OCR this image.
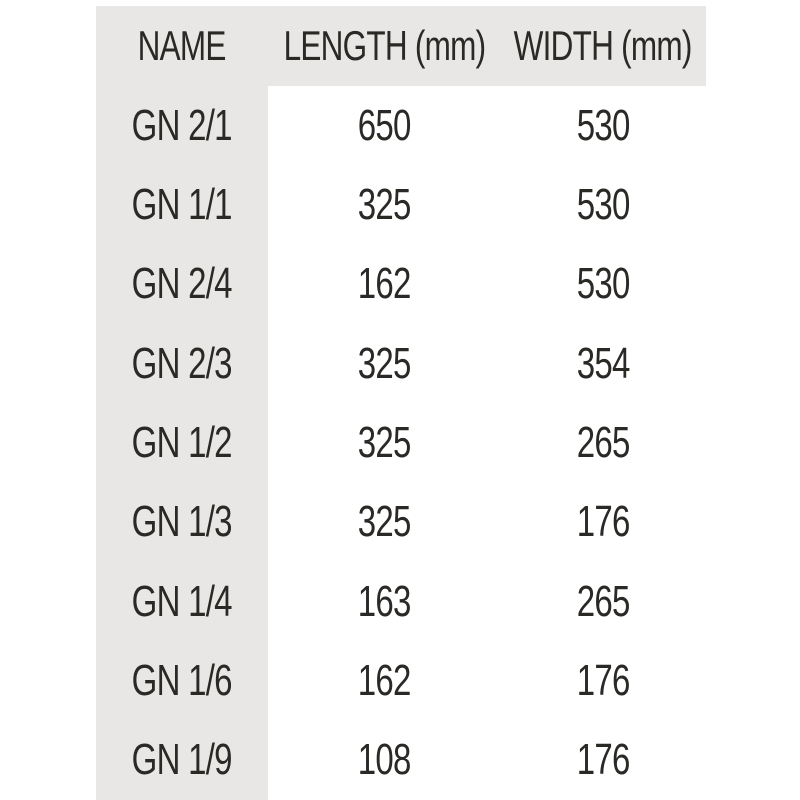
NAME LENGTH (mm) WIDTH (mm)
GN 2/1	650	530
GN 1/1	325	530
GN 2/4	162	530
GN 2/3	325	354
GN 1/2	325	265
GN 1/3	325	176
GN 1/4	163	265
GN 1/6	162	176
GN 1/9	108	176
